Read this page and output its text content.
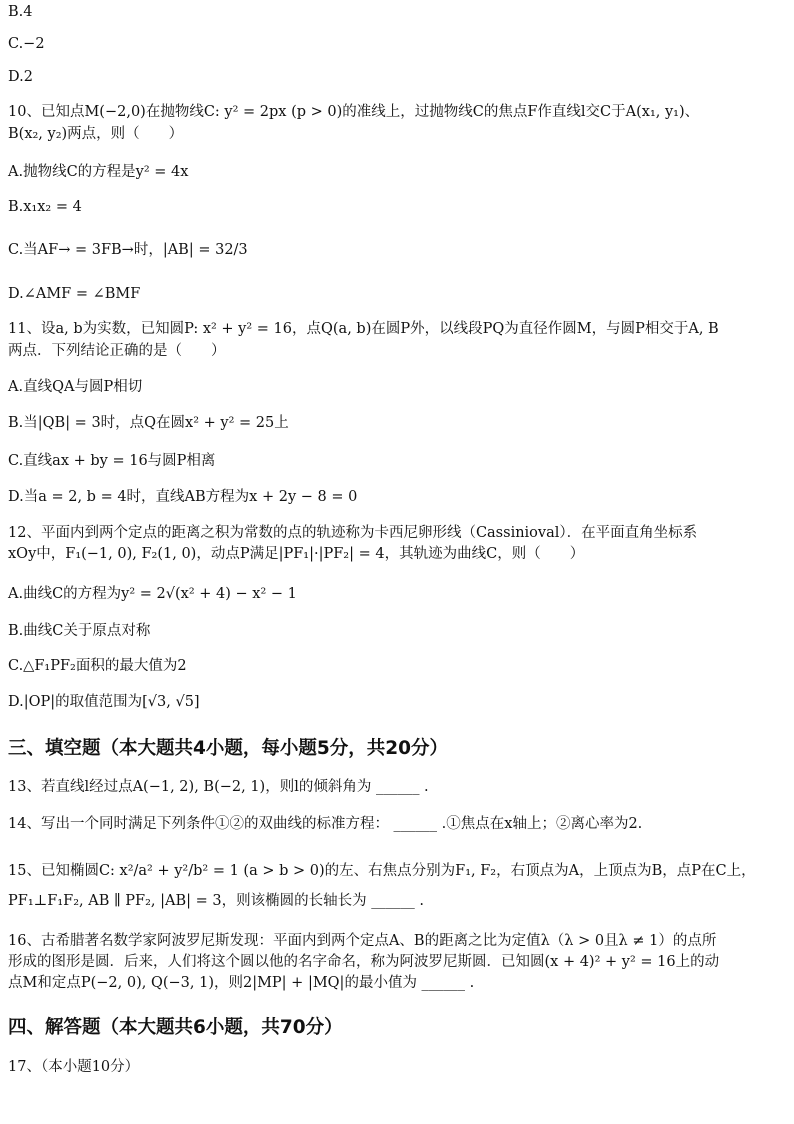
B.4
C.−2
D.2
10、已知点M(−2,0)在抛物线C: y² = 2px (p > 0)的准线上，过抛物线C的焦点F作直线l交C于A(x₁, y₁)、
B(x₂, y₂)两点，则（　　）
A.抛物线C的方程是y² = 4x
B.x₁x₂ = 4
C.当AF→ = 3FB→时，|AB| = 32/3
D.∠AMF = ∠BMF
11、设a, b为实数，已知圆P: x² + y² = 16，点Q(a, b)在圆P外，以线段PQ为直径作圆M，与圆P相交于A, B
两点．下列结论正确的是（　　）
A.直线QA与圆P相切
B.当|QB| = 3时，点Q在圆x² + y² = 25上
C.直线ax + by = 16与圆P相离
D.当a = 2, b = 4时，直线AB方程为x + 2y − 8 = 0
12、平面内到两个定点的距离之积为常数的点的轨迹称为卡西尼卵形线（Cassinioval）．在平面直角坐标系
xOy中，F₁(−1, 0), F₂(1, 0)，动点P满足|PF₁|·|PF₂| = 4，其轨迹为曲线C，则（　　）
A.曲线C的方程为y² = 2√(x² + 4) − x² − 1
B.曲线C关于原点对称
C.△F₁PF₂面积的最大值为2
D.|OP|的取值范围为[√3, √5]
三、填空题（本大题共4小题，每小题5分，共20分）
13、若直线l经过点A(−1, 2), B(−2, 1)，则l的倾斜角为 ______ .
14、写出一个同时满足下列条件①②的双曲线的标准方程： ______ .①焦点在x轴上；②离心率为2.
15、已知椭圆C: x²/a² + y²/b² = 1 (a > b > 0)的左、右焦点分别为F₁, F₂，右顶点为A，上顶点为B，点P在C上，
PF₁⊥F₁F₂, AB ∥ PF₂, |AB| = 3，则该椭圆的长轴长为 ______ .
16、古希腊著名数学家阿波罗尼斯发现：平面内到两个定点A、B的距离之比为定值λ（λ > 0且λ ≠ 1）的点所
形成的图形是圆．后来，人们将这个圆以他的名字命名，称为阿波罗尼斯圆．已知圆(x + 4)² + y² = 16上的动
点M和定点P(−2, 0), Q(−3, 1)，则2|MP| + |MQ|的最小值为 ______ .
四、解答题（本大题共6小题，共70分）
17、（本小题10分）
